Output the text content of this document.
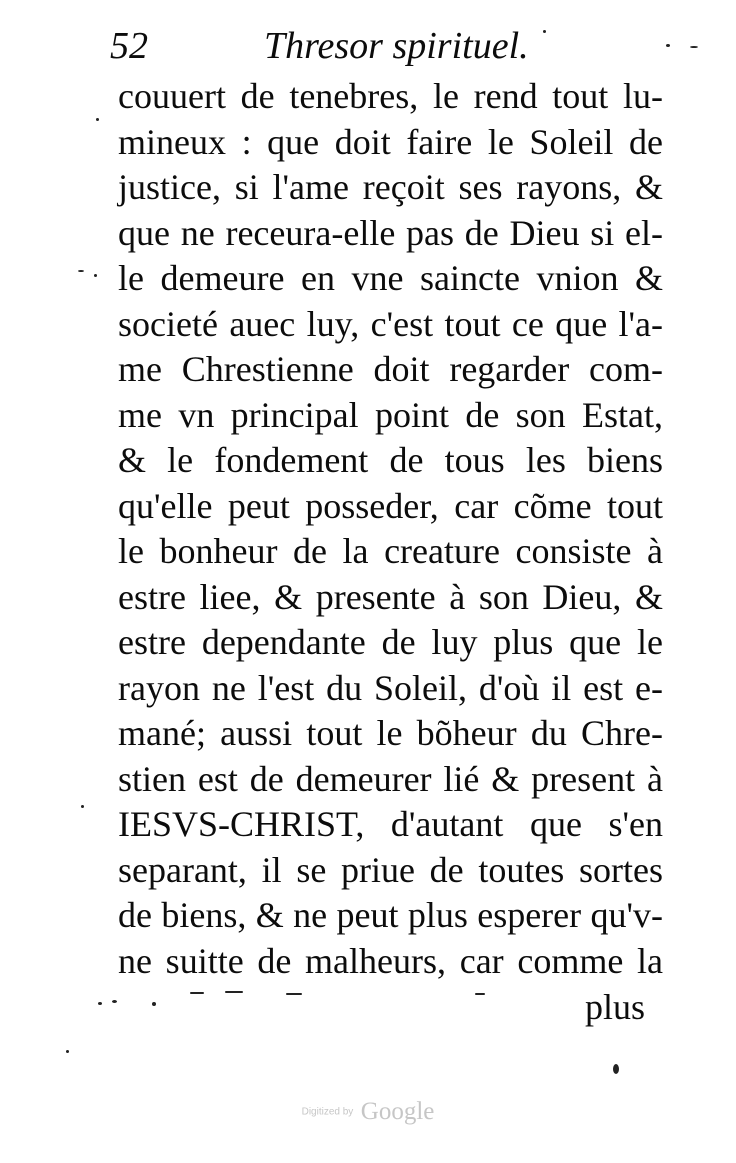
52	Thresor spirituel.
couuert de tenebres, le rend tout lu-
mineux : que doit faire le Soleil de
justice, si l'ame reçoit ses rayons, &
que ne receura-elle pas de Dieu si el-
le demeure en vne saincte vnion &
societé auec luy, c'est tout ce que l'a-
me Chrestienne doit regarder com-
me vn principal point de son Estat,
& le fondement de tous les biens
qu'elle peut posseder, car cõme tout
le bonheur de la creature consiste à
estre liee, & presente à son Dieu, &
estre dependante de luy plus que le
rayon ne l'est du Soleil, d'où il est e-
mané; aussi tout le bõheur du Chre-
stien est de demeurer lié & present à
IESVS-CHRIST, d'autant que s'en
separant, il se priue de toutes sortes
de biens, & ne peut plus esperer qu'v-
ne suitte de malheurs, car comme la
plus
Digitized by Google
